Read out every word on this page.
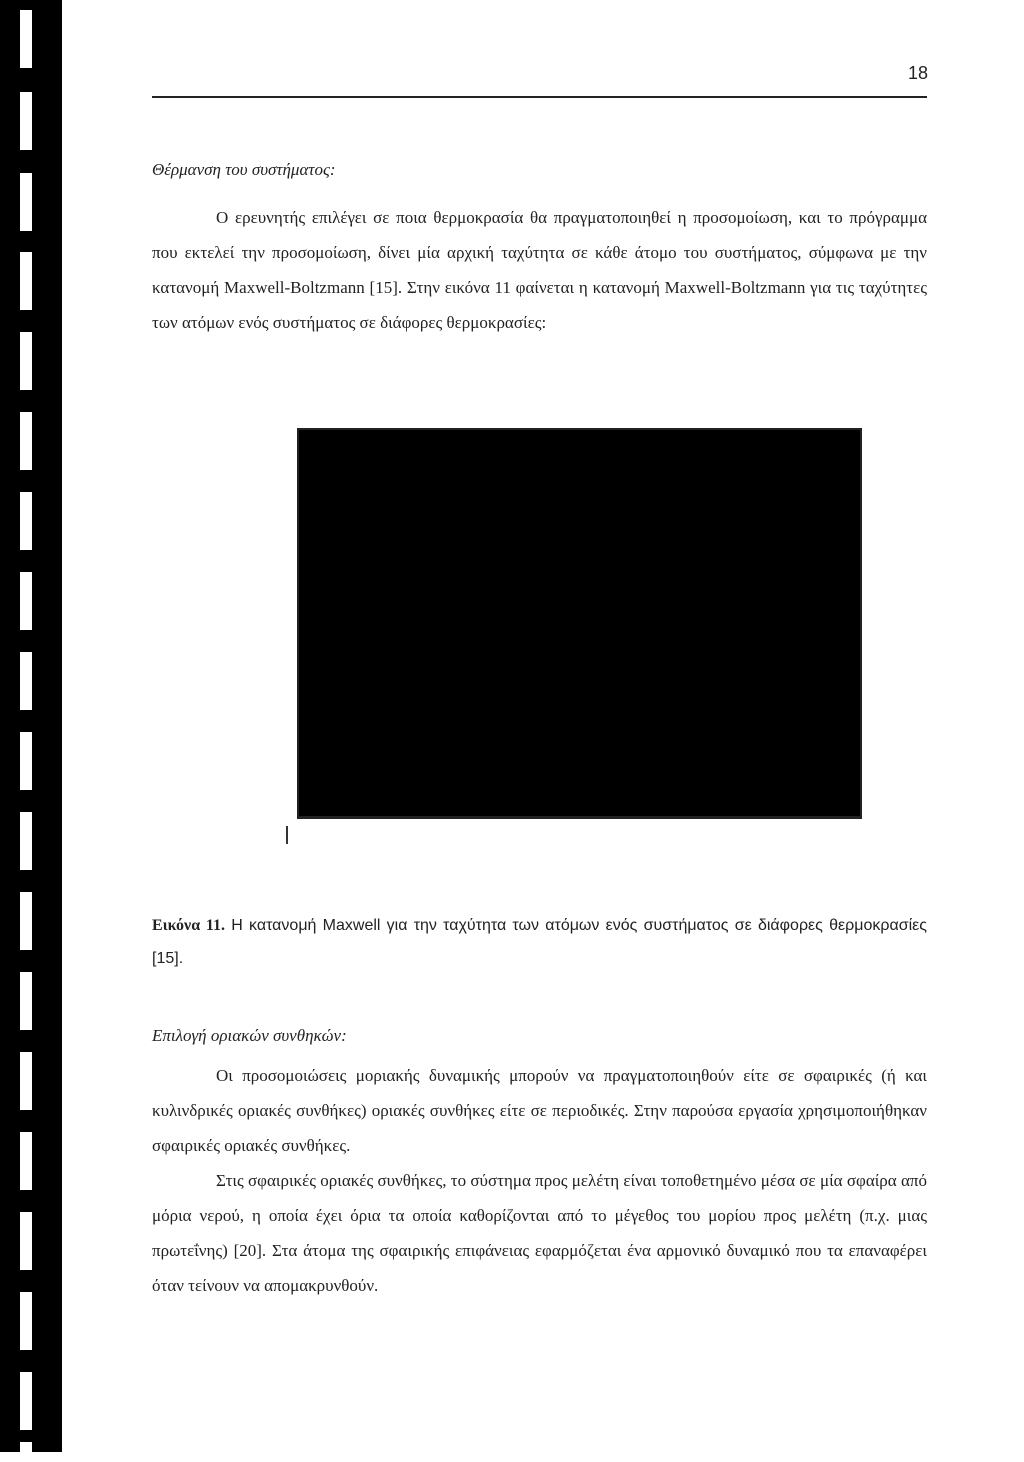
18
Θέρμανση του συστήματος:

Ο ερευνητής επιλέγει σε ποια θερμοκρασία θα πραγματοποιηθεί η προσομοίωση, και το πρόγραμμα που εκτελεί την προσομοίωση, δίνει μία αρχική ταχύτητα σε κάθε άτομο του συστήματος, σύμφωνα με την κατανομή Maxwell-Boltzmann [15]. Στην εικόνα 11 φαίνεται η κατανομή Maxwell-Boltzmann για τις ταχύτητες των ατόμων ενός συστήματος σε διάφορες θερμοκρασίες:

Εικόνα 11. Η κατανομή Maxwell για την ταχύτητα των ατόμων ενός συστήματος σε διάφορες θερμοκρασίες [15].

Επιλογή οριακών συνθηκών:

Οι προσομοιώσεις μοριακής δυναμικής μπορούν να πραγματοποιηθούν είτε σε σφαιρικές (ή και κυλινδρικές οριακές συνθήκες) οριακές συνθήκες είτε σε περιοδικές. Στην παρούσα εργασία χρησιμοποιήθηκαν σφαιρικές οριακές συνθήκες.

Στις σφαιρικές οριακές συνθήκες, το σύστημα προς μελέτη είναι τοποθετημένο μέσα σε μία σφαίρα από μόρια νερού, η οποία έχει όρια τα οποία καθορίζονται από το μέγεθος του μορίου προς μελέτη (π.χ. μιας πρωτεΐνης) [20]. Στα άτομα της σφαιρικής επιφάνειας εφαρμόζεται ένα αρμονικό δυναμικό που τα επαναφέρει όταν τείνουν να απομακρυνθούν.
